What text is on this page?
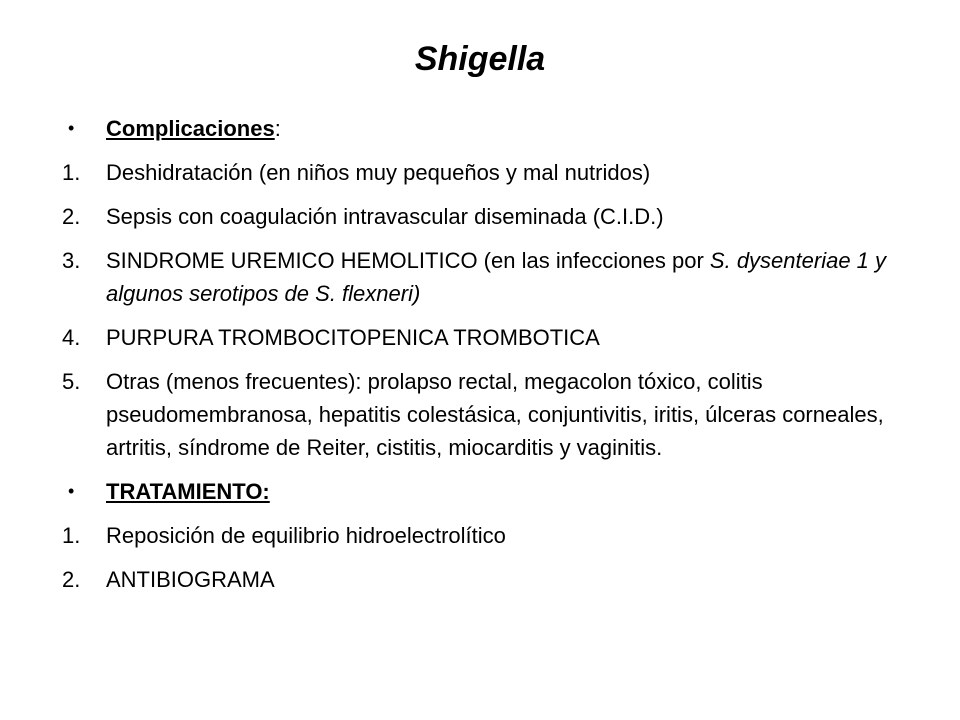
Shigella
•	Complicaciones:
1.	Deshidratación (en niños muy pequeños y mal nutridos)
2.	Sepsis con coagulación intravascular diseminada (C.I.D.)
3.	SINDROME UREMICO HEMOLITICO (en las infecciones por S. dysenteriae 1 y algunos serotipos de S. flexneri)
4.	PURPURA TROMBOCITOPENICA TROMBOTICA
5.	Otras (menos frecuentes): prolapso rectal, megacolon tóxico, colitis pseudomembranosa, hepatitis colestásica, conjuntivitis, iritis, úlceras corneales, artritis, síndrome de Reiter, cistitis, miocarditis y vaginitis.
•	TRATAMIENTO:
1.	Reposición de equilibrio hidroelectrolítico
2.	ANTIBIOGRAMA
